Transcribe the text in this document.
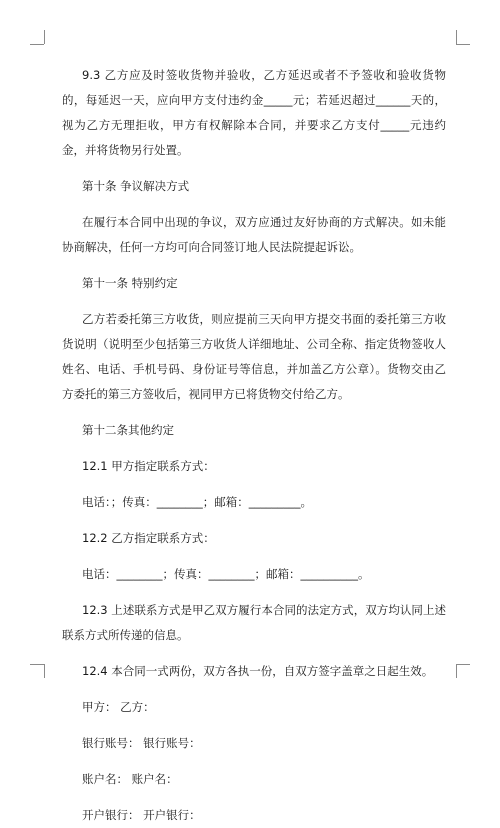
9.3 乙方应及时签收货物并验收，乙方延迟或者不予签收和验收货物的，每延迟一天，应向甲方支付违约金_____元；若延迟超过______天的，视为乙方无理拒收，甲方有权解除本合同，并要求乙方支付_____元违约金，并将货物另行处置。

第十条 争议解决方式

在履行本合同中出现的争议，双方应通过友好协商的方式解决。如未能协商解决，任何一方均可向合同签订地人民法院提起诉讼。

第十一条 特别约定

乙方若委托第三方收货，则应提前三天向甲方提交书面的委托第三方收货说明（说明至少包括第三方收货人详细地址、公司全称、指定货物签收人姓名、电话、手机号码、身份证号等信息，并加盖乙方公章）。货物交由乙方委托的第三方签收后，视同甲方已将货物交付给乙方。

第十二条其他约定

12.1 甲方指定联系方式：

电话：；传真：________；邮箱：_________。

12.2 乙方指定联系方式：

电话：________；传真：________；邮箱：__________。

12.3 上述联系方式是甲乙双方履行本合同的法定方式，双方均认同上述联系方式所传递的信息。

12.4 本合同一式两份，双方各执一份，自双方签字盖章之日起生效。

甲方： 乙方：

银行账号： 银行账号：

账户名： 账户名：

开户银行： 开户银行：
